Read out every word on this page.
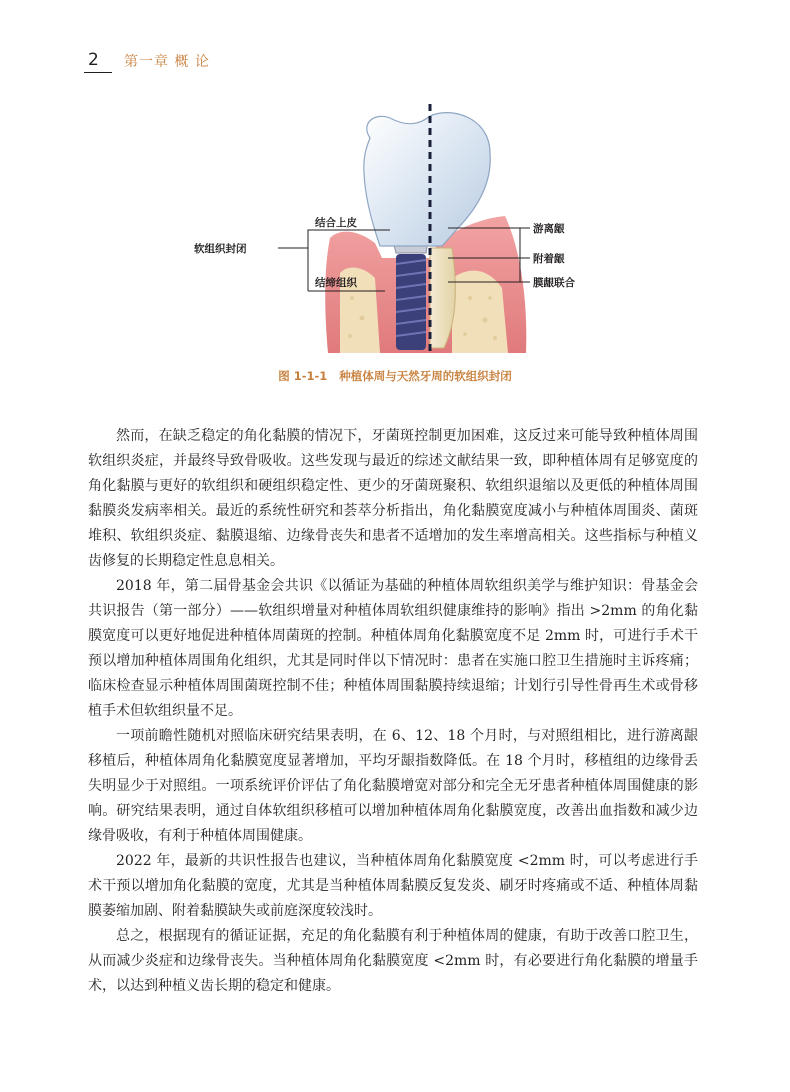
2 第一章 概 论
软组织封闭
结合上皮
结缔组织
游离龈
附着龈
膜龈联合
图 1-1-1 种植体周与天然牙周的软组织封闭

然而，在缺乏稳定的角化黏膜的情况下，牙菌斑控制更加困难，这反过来可能导致种植体周围软组织炎症，并最终导致骨吸收。这些发现与最近的综述文献结果一致，即种植体周有足够宽度的角化黏膜与更好的软组织和硬组织稳定性、更少的牙菌斑聚积、软组织退缩以及更低的种植体周围黏膜炎发病率相关。最近的系统性研究和荟萃分析指出，角化黏膜宽度减小与种植体周围炎、菌斑堆积、软组织炎症、黏膜退缩、边缘骨丧失和患者不适增加的发生率增高相关。这些指标与种植义齿修复的长期稳定性息息相关。

2018 年，第二届骨基金会共识《以循证为基础的种植体周软组织美学与维护知识：骨基金会共识报告（第一部分）——软组织增量对种植体周软组织健康维持的影响》指出 >2mm 的角化黏膜宽度可以更好地促进种植体周菌斑的控制。种植体周角化黏膜宽度不足 2mm 时，可进行手术干预以增加种植体周围角化组织，尤其是同时伴以下情况时：患者在实施口腔卫生措施时主诉疼痛；临床检查显示种植体周围菌斑控制不佳；种植体周围黏膜持续退缩；计划行引导性骨再生术或骨移植手术但软组织量不足。

一项前瞻性随机对照临床研究结果表明，在 6、12、18 个月时，与对照组相比，进行游离龈移植后，种植体周角化黏膜宽度显著增加，平均牙龈指数降低。在 18 个月时，移植组的边缘骨丢失明显少于对照组。一项系统评价评估了角化黏膜增宽对部分和完全无牙患者种植体周围健康的影响。研究结果表明，通过自体软组织移植可以增加种植体周角化黏膜宽度，改善出血指数和减少边缘骨吸收，有利于种植体周围健康。

2022 年，最新的共识性报告也建议，当种植体周角化黏膜宽度 <2mm 时，可以考虑进行手术干预以增加角化黏膜的宽度，尤其是当种植体周黏膜反复发炎、刷牙时疼痛或不适、种植体周黏膜萎缩加剧、附着黏膜缺失或前庭深度较浅时。

总之，根据现有的循证证据，充足的角化黏膜有利于种植体周的健康，有助于改善口腔卫生，从而减少炎症和边缘骨丧失。当种植体周角化黏膜宽度 <2mm 时，有必要进行角化黏膜的增量手术，以达到种植义齿长期的稳定和健康。
